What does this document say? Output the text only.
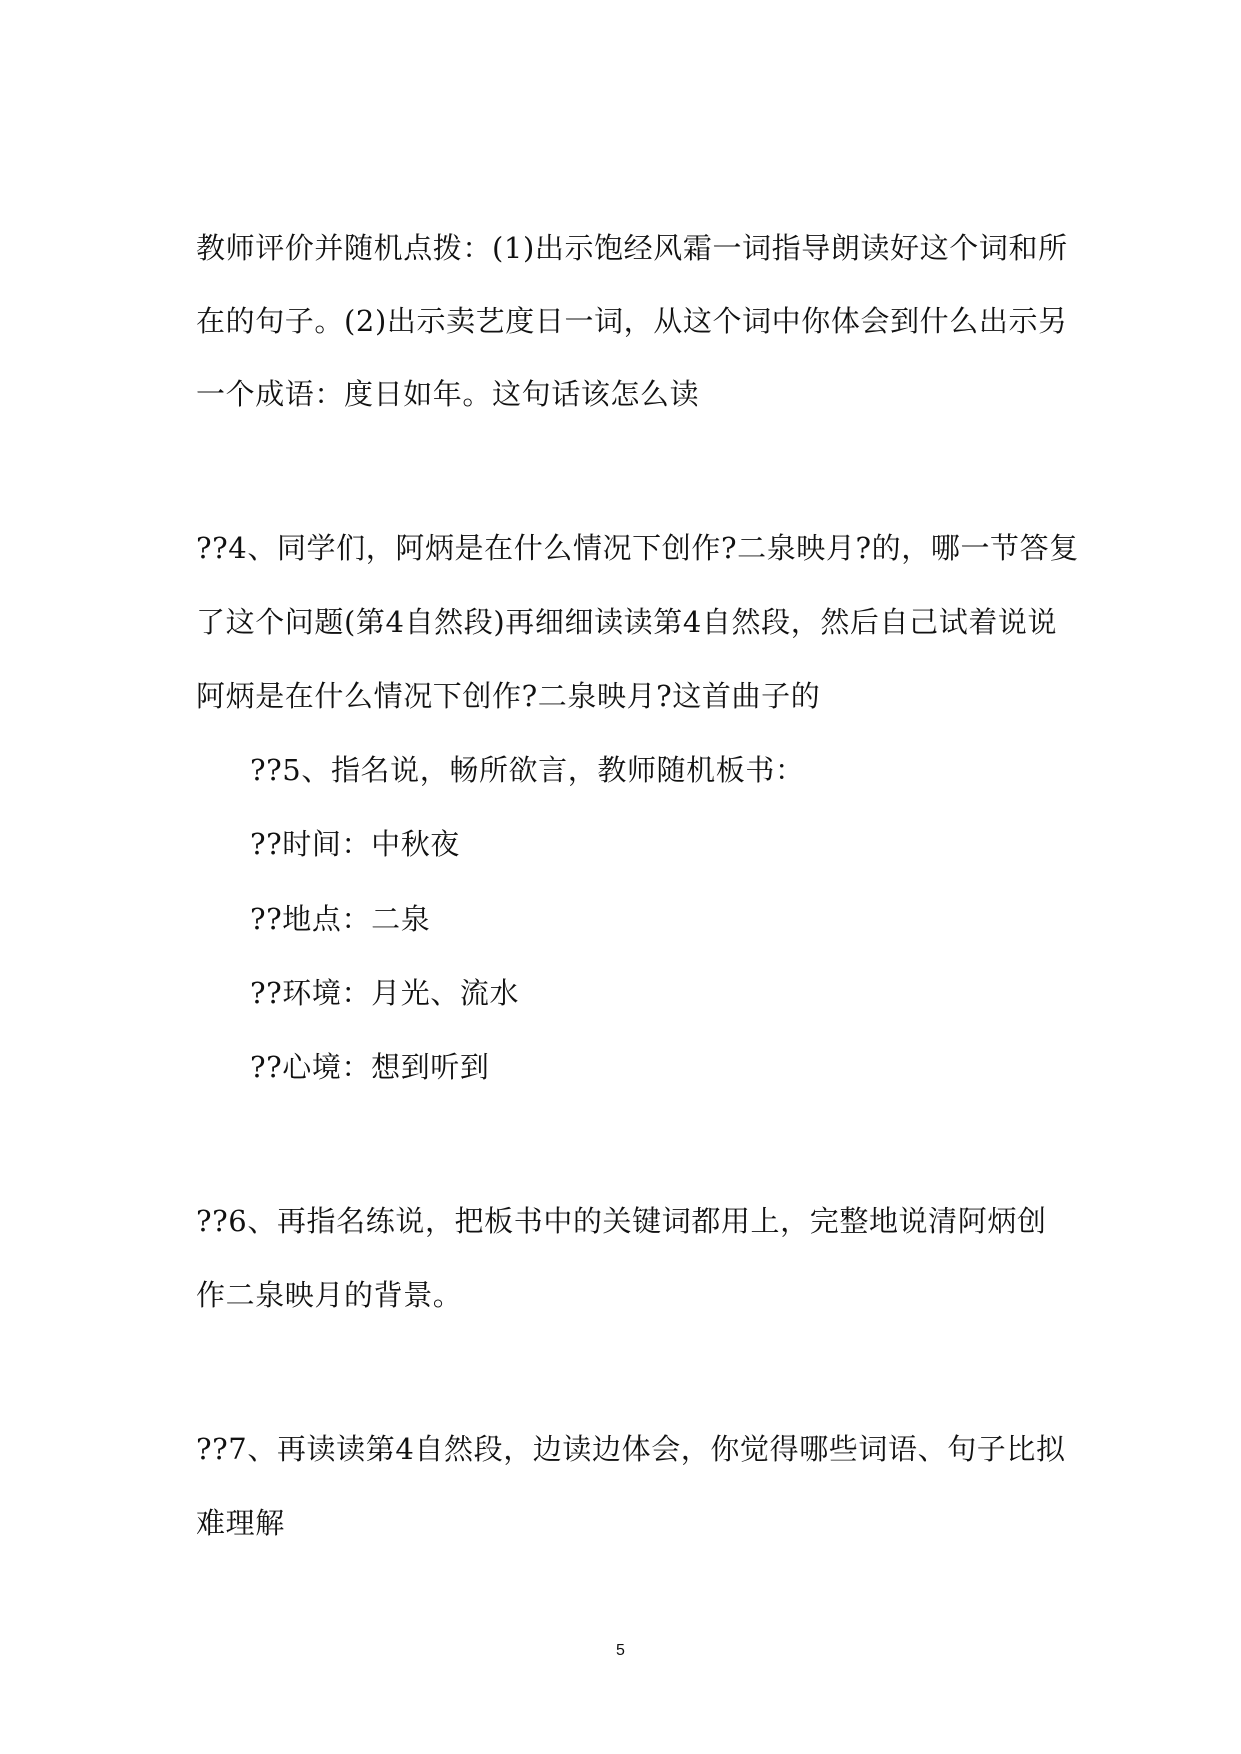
教师评价并随机点拨：(1)出示饱经风霜一词指导朗读好这个词和所
在的句子。(2)出示卖艺度日一词，从这个词中你体会到什么出示另
一个成语：度日如年。这句话该怎么读
??4、同学们，阿炳是在什么情况下创作?二泉映月?的，哪一节答复
了这个问题(第4自然段)再细细读读第4自然段，然后自己试着说说
阿炳是在什么情况下创作?二泉映月?这首曲子的
??5、指名说，畅所欲言，教师随机板书：
??时间：中秋夜
??地点：二泉
??环境：月光、流水
??心境：想到听到
??6、再指名练说，把板书中的关键词都用上，完整地说清阿炳创
作二泉映月的背景。
??7、再读读第4自然段，边读边体会，你觉得哪些词语、句子比拟
难理解
5
